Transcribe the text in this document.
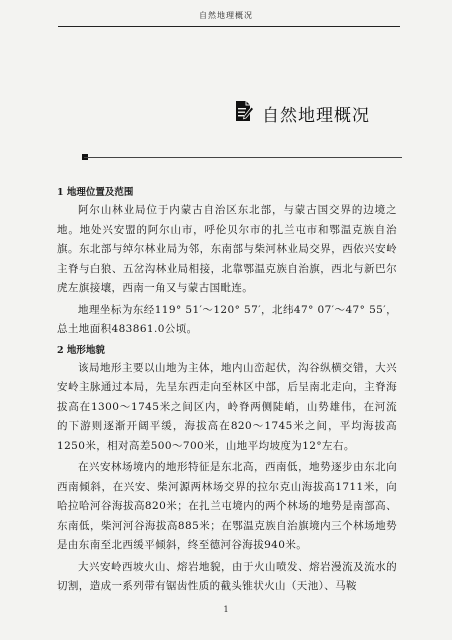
自然地理概况
自然地理概况
1 地理位置及范围

阿尔山林业局位于内蒙古自治区东北部，与蒙古国交界的边境之地。地处兴安盟的阿尔山市，呼伦贝尔市的扎兰屯市和鄂温克族自治旗。东北部与绰尔林业局为邻，东南部与柴河林业局交界，西依兴安岭主脊与白狼、五岔沟林业局相接，北靠鄂温克族自治旗，西北与新巴尔虎左旗接壤，西南一角又与蒙古国毗连。

地理坐标为东经119° 51′～120° 57′，北纬47° 07′～47° 55′，总土地面积483861.0公顷。

2 地形地貌

该局地形主要以山地为主体，地内山峦起伏，沟谷纵横交错，大兴安岭主脉通过本局，先呈东西走向至林区中部，后呈南北走向，主脊海拔高在1300～1745米之间区内，岭脊两侧陡峭，山势雄伟，在河流的下游则逐渐开阔平缓，海拔高在820～1745米之间，平均海拔高1250米，相对高差500～700米，山地平均坡度为12°左右。

在兴安林场境内的地形特征是东北高，西南低，地势逐步由东北向西南倾斜，在兴安、柴河源两林场交界的拉尔克山海拔高1711米，向哈拉哈河谷海拔高820米；在扎兰屯境内的两个林场的地势是南部高、东南低，柴河河谷海拔高885米；在鄂温克族自治旗境内三个林场地势是由东南至北西缓平倾斜，终至德河谷海拔940米。

大兴安岭西坡火山、熔岩地貌，由于火山喷发、熔岩漫流及流水的切割，造成一系列带有锯齿性质的截头锥状火山（天池）、马鞍

1
